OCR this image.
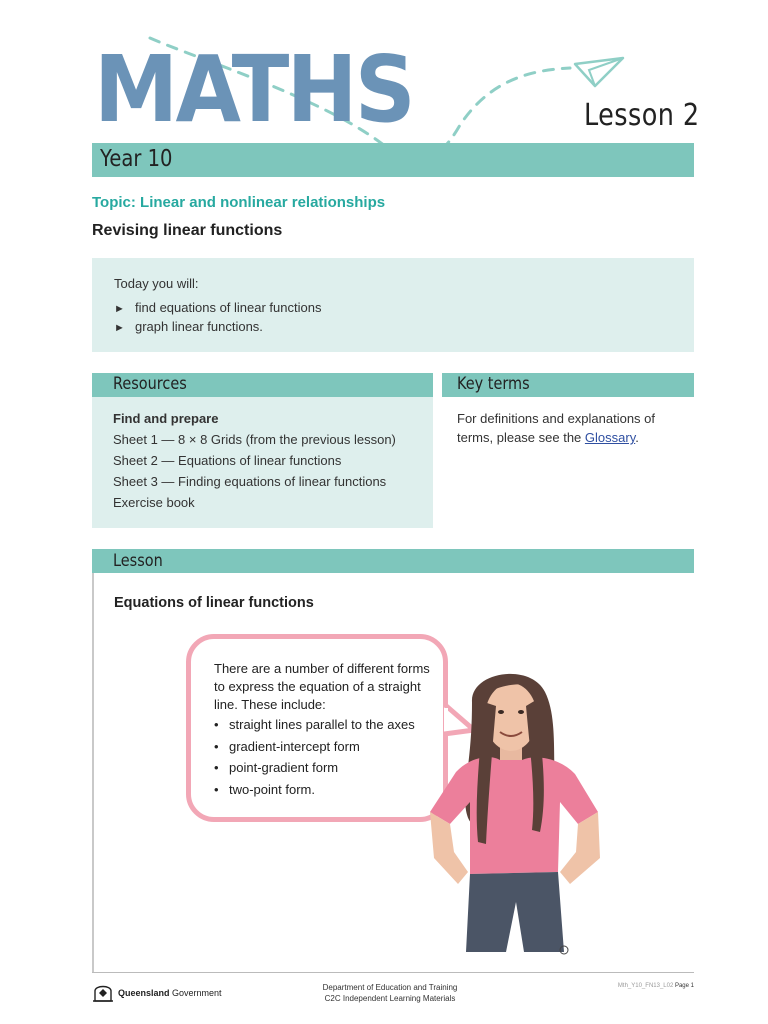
MATHS	Lesson 2
Year 10
Topic: Linear and nonlinear relationships
Revising linear functions
Today you will:
► find equations of linear functions
► graph linear functions.
Resources
Find and prepare
Sheet 1 — 8 × 8 Grids (from the previous lesson)
Sheet 2 — Equations of linear functions
Sheet 3 — Finding equations of linear functions
Exercise book
Key terms
For definitions and explanations of terms, please see the Glossary.
Lesson
Equations of linear functions
There are a number of different forms to express the equation of a straight line. These include:
• straight lines parallel to the axes
• gradient-intercept form
• point-gradient form
• two-point form.
Queensland Government
Department of Education and Training
C2C Independent Learning Materials
Mth_Y10_FN13_L02 Page 1
